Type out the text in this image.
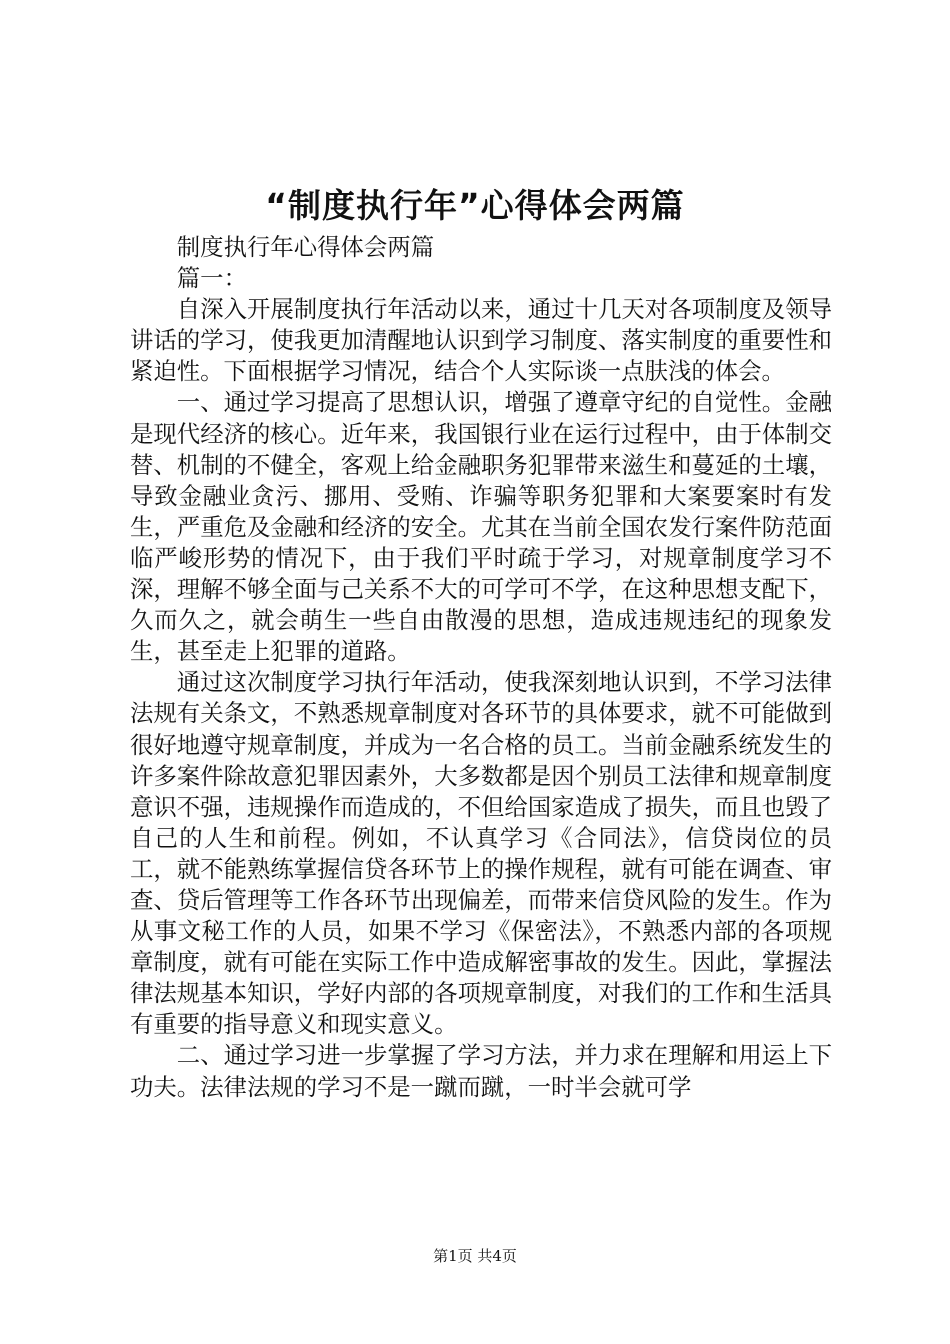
“制度执行年”心得体会两篇

制度执行年心得体会两篇

篇一：

自深入开展制度执行年活动以来，通过十几天对各项制度及领导讲话的学习，使我更加清醒地认识到学习制度、落实制度的重要性和紧迫性。下面根据学习情况，结合个人实际谈一点肤浅的体会。

一、通过学习提高了思想认识，增强了遵章守纪的自觉性。金融是现代经济的核心。近年来，我国银行业在运行过程中，由于体制交替、机制的不健全，客观上给金融职务犯罪带来滋生和蔓延的土壤，导致金融业贪污、挪用、受贿、诈骗等职务犯罪和大案要案时有发生，严重危及金融和经济的安全。尤其在当前全国农发行案件防范面临严峻形势的情况下，由于我们平时疏于学习，对规章制度学习不深，理解不够全面与己关系不大的可学可不学，在这种思想支配下，久而久之，就会萌生一些自由散漫的思想，造成违规违纪的现象发生，甚至走上犯罪的道路。

通过这次制度学习执行年活动，使我深刻地认识到，不学习法律法规有关条文，不熟悉规章制度对各环节的具体要求，就不可能做到很好地遵守规章制度，并成为一名合格的员工。当前金融系统发生的许多案件除故意犯罪因素外，大多数都是因个别员工法律和规章制度意识不强，违规操作而造成的，不但给国家造成了损失，而且也毁了自己的人生和前程。例如，不认真学习《合同法》，信贷岗位的员工，就不能熟练掌握信贷各环节上的操作规程，就有可能在调查、审查、贷后管理等工作各环节出现偏差，而带来信贷风险的发生。作为从事文秘工作的人员，如果不学习《保密法》，不熟悉内部的各项规章制度，就有可能在实际工作中造成解密事故的发生。因此，掌握法律法规基本知识，学好内部的各项规章制度，对我们的工作和生活具有重要的指导意义和现实意义。

二、通过学习进一步掌握了学习方法，并力求在理解和用运上下功夫。法律法规的学习不是一蹴而蹴，一时半会就可学

第1页 共4页
